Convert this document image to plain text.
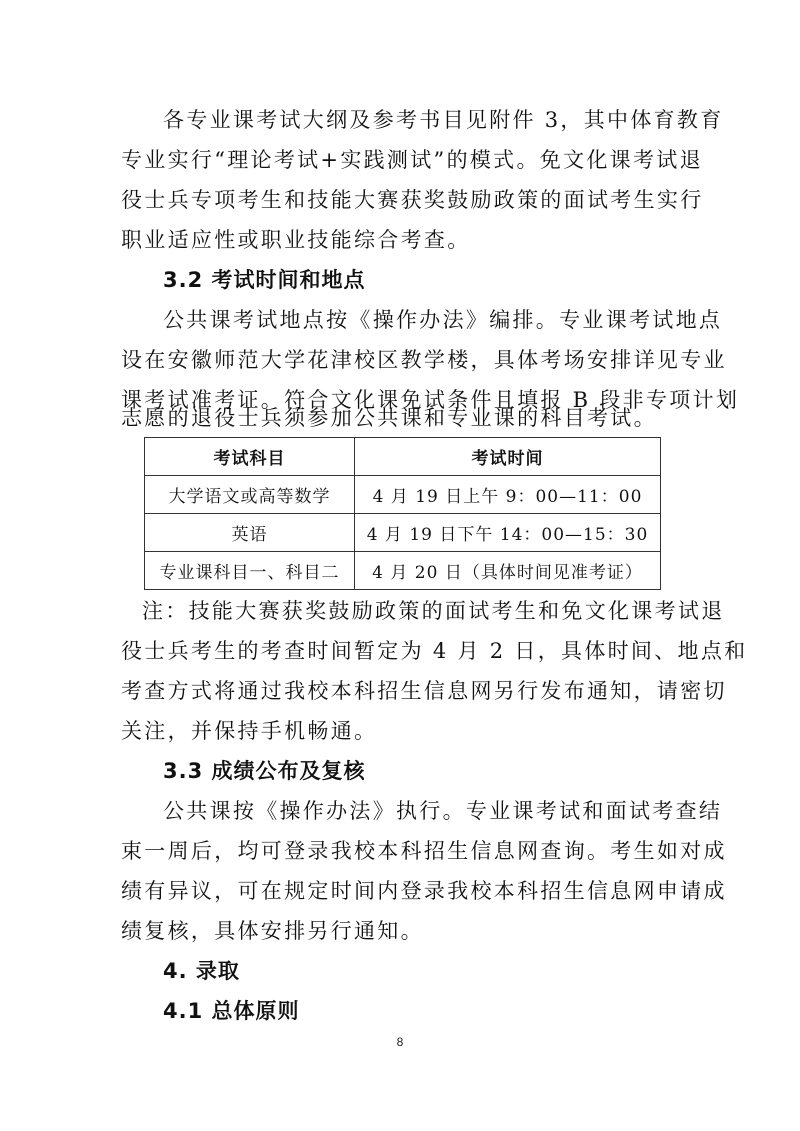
各专业课考试大纲及参考书目见附件 3，其中体育教育
专业实行“理论考试+实践测试”的模式。免文化课考试退
役士兵专项考生和技能大赛获奖鼓励政策的面试考生实行
职业适应性或职业技能综合考查。
3.2 考试时间和地点
公共课考试地点按《操作办法》编排。专业课考试地点
设在安徽师范大学花津校区教学楼，具体考场安排详见专业
课考试准考证。符合文化课免试条件且填报 B 段非专项计划
志愿的退役士兵须参加公共课和专业课的科目考试。
考试科目	考试时间
大学语文或高等数学	4 月 19 日上午 9：00—11：00
英语	4 月 19 日下午 14：00—15：30
专业课科目一、科目二	4 月 20 日（具体时间见准考证）
注：技能大赛获奖鼓励政策的面试考生和免文化课考试退
役士兵考生的考查时间暂定为 4 月 2 日，具体时间、地点和
考查方式将通过我校本科招生信息网另行发布通知，请密切
关注，并保持手机畅通。
3.3 成绩公布及复核
公共课按《操作办法》执行。专业课考试和面试考查结
束一周后，均可登录我校本科招生信息网查询。考生如对成
绩有异议，可在规定时间内登录我校本科招生信息网申请成
绩复核，具体安排另行通知。
4. 录取
4.1 总体原则
8
